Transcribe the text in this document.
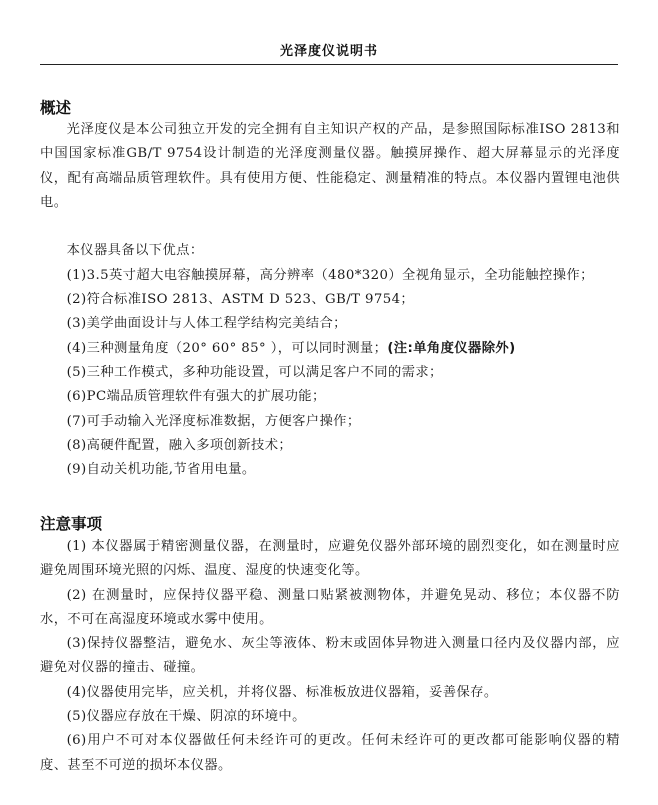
光泽度仪说明书
概述

光泽度仪是本公司独立开发的完全拥有自主知识产权的产品，是参照国际标准ISO 2813和中国国家标准GB/T 9754设计制造的光泽度测量仪器。触摸屏操作、超大屏幕显示的光泽度仪，配有高端品质管理软件。具有使用方便、性能稳定、测量精准的特点。本仪器内置锂电池供电。

本仪器具备以下优点：

(1)3.5英寸超大电容触摸屏幕，高分辨率（480*320）全视角显示，全功能触控操作；

(2)符合标准ISO 2813、ASTM D 523、GB/T 9754；

(3)美学曲面设计与人体工程学结构完美结合；

(4)三种测量角度（20° 60° 85° ），可以同时测量；(注:单角度仪器除外)

(5)三种工作模式，多种功能设置，可以满足客户不同的需求；

(6)PC端品质管理软件有强大的扩展功能；

(7)可手动输入光泽度标准数据，方便客户操作；

(8)高硬件配置，融入多项创新技术；

(9)自动关机功能,节省用电量。

注意事项

(1) 本仪器属于精密测量仪器，在测量时，应避免仪器外部环境的剧烈变化，如在测量时应避免周围环境光照的闪烁、温度、湿度的快速变化等。

(2) 在测量时，应保持仪器平稳、测量口贴紧被测物体，并避免晃动、移位；本仪器不防水，不可在高湿度环境或水雾中使用。

(3)保持仪器整洁，避免水、灰尘等液体、粉末或固体异物进入测量口径内及仪器内部，应避免对仪器的撞击、碰撞。

(4)仪器使用完毕，应关机，并将仪器、标准板放进仪器箱，妥善保存。

(5)仪器应存放在干燥、阴凉的环境中。

(6)用户不可对本仪器做任何未经许可的更改。任何未经许可的更改都可能影响仪器的精度、甚至不可逆的损坏本仪器。
